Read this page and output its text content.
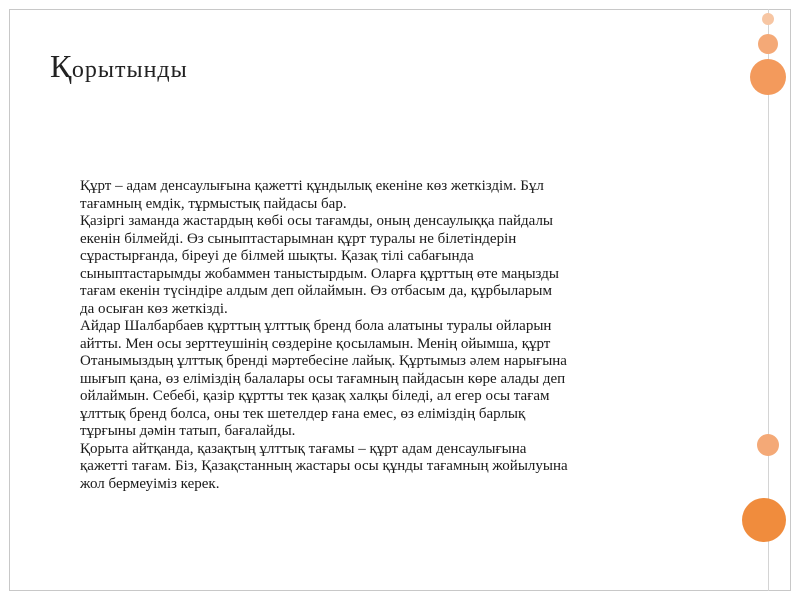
Қорытынды
Құрт – адам денсаулығына қажетті құндылық екеніне көз жеткіздім. Бұл
тағамның емдік, тұрмыстық пайдасы бар.
Қазіргі заманда жастардың көбі осы тағамды, оның денсаулыққа пайдалы
екенін білмейді. Өз сыныптастарымнан құрт туралы не білетіндерін
сұрастырғанда, біреуі де білмей шықты. Қазақ тілі сабағында
сыныптастарымды жобаммен таныстырдым. Оларға құрттың өте маңызды
тағам екенін түсіндіре алдым деп ойлаймын. Өз отбасым да, құрбыларым
да осыған көз жеткізді.
Айдар Шалбарбаев құрттың ұлттық бренд бола алатыны туралы ойларын
айтты. Мен осы зерттеушінің сөздеріне қосыламын. Менің ойымша, құрт
Отанымыздың ұлттық бренді мәртебесіне лайық. Құртымыз әлем нарығына
шығып қана, өз еліміздің балалары осы тағамның пайдасын көре алады деп
ойлаймын. Себебі, қазір құртты тек қазақ халқы біледі, ал егер осы тағам
ұлттық бренд болса, оны тек шетелдер ғана емес, өз еліміздің барлық
тұрғыны дәмін татып, бағалайды.
Қорыта айтқанда, қазақтың ұлттық тағамы – құрт адам денсаулығына
қажетті тағам. Біз, Қазақстанның жастары осы құнды тағамның жойылуына
жол бермеуіміз керек.
